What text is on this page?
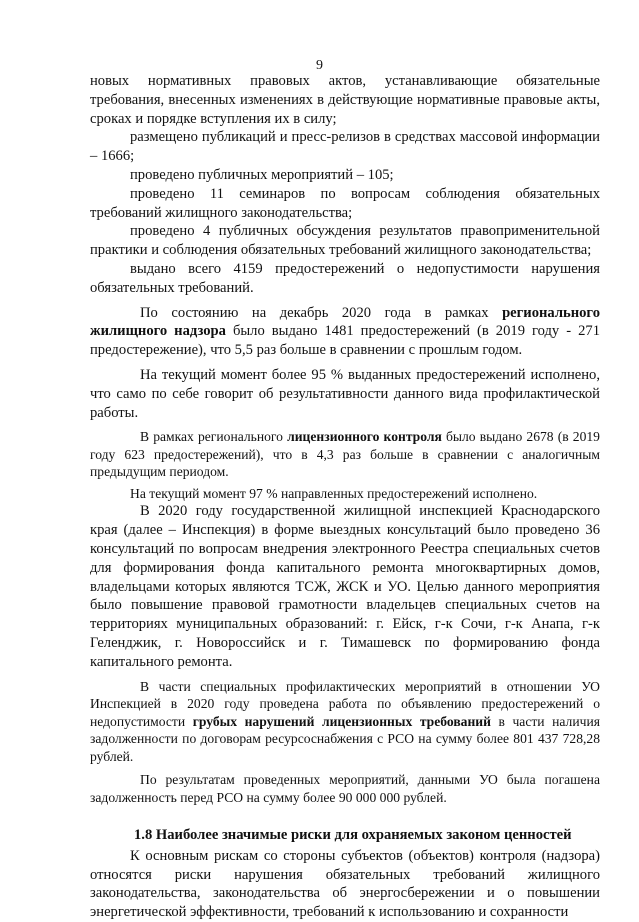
9

новых нормативных правовых актов, устанавливающие обязательные требования, внесенных изменениях в действующие нормативные правовые акты, сроках и порядке вступления их в силу;

размещено публикаций и пресс-релизов в средствах массовой информации – 1666;

проведено публичных мероприятий – 105;

проведено 11 семинаров по вопросам соблюдения обязательных требований жилищного законодательства;

проведено 4 публичных обсуждения результатов правоприменительной практики и соблюдения обязательных требований жилищного законодательства;

выдано всего 4159 предостережений о недопустимости нарушения обязательных требований.

По состоянию на декабрь 2020 года в рамках регионального жилищного надзора было выдано 1481 предостережений (в 2019 году - 271 предостережение), что 5,5 раз больше в сравнении с прошлым годом.

На текущий момент более 95 % выданных предостережений исполнено, что само по себе говорит об результативности данного вида профилактической работы.

В рамках регионального лицензионного контроля было выдано 2678 (в 2019 году 623 предостережений), что в 4,3 раз больше в сравнении с аналогичным предыдущим периодом.

На текущий момент 97 % направленных предостережений исполнено.

В 2020 году государственной жилищной инспекцией Краснодарского края (далее – Инспекция) в форме выездных консультаций было проведено 36 консультаций по вопросам внедрения электронного Реестра специальных счетов для формирования фонда капитального ремонта многоквартирных домов, владельцами которых являются ТСЖ, ЖСК и УО. Целью данного мероприятия было повышение правовой грамотности владельцев специальных счетов на территориях муниципальных образований: г. Ейск, г-к Сочи, г-к Анапа, г-к Геленджик, г. Новороссийск и г. Тимашевск по формированию фонда капитального ремонта.

В части специальных профилактических мероприятий в отношении УО Инспекцией в 2020 году проведена работа по объявлению предостережений о недопустимости грубых нарушений лицензионных требований в части наличия задолженности по договорам ресурсоснабжения с РСО на сумму более 801 437 728,28 рублей.

По результатам проведенных мероприятий, данными УО была погашена задолженность перед РСО на сумму более 90 000 000 рублей.

1.8 Наиболее значимые риски для охраняемых законом ценностей

К основным рискам со стороны субъектов (объектов) контроля (надзора) относятся риски нарушения обязательных требований жилищного законодательства, законодательства об энергосбережении и о повышении энергетической эффективности, требований к использованию и сохранности
